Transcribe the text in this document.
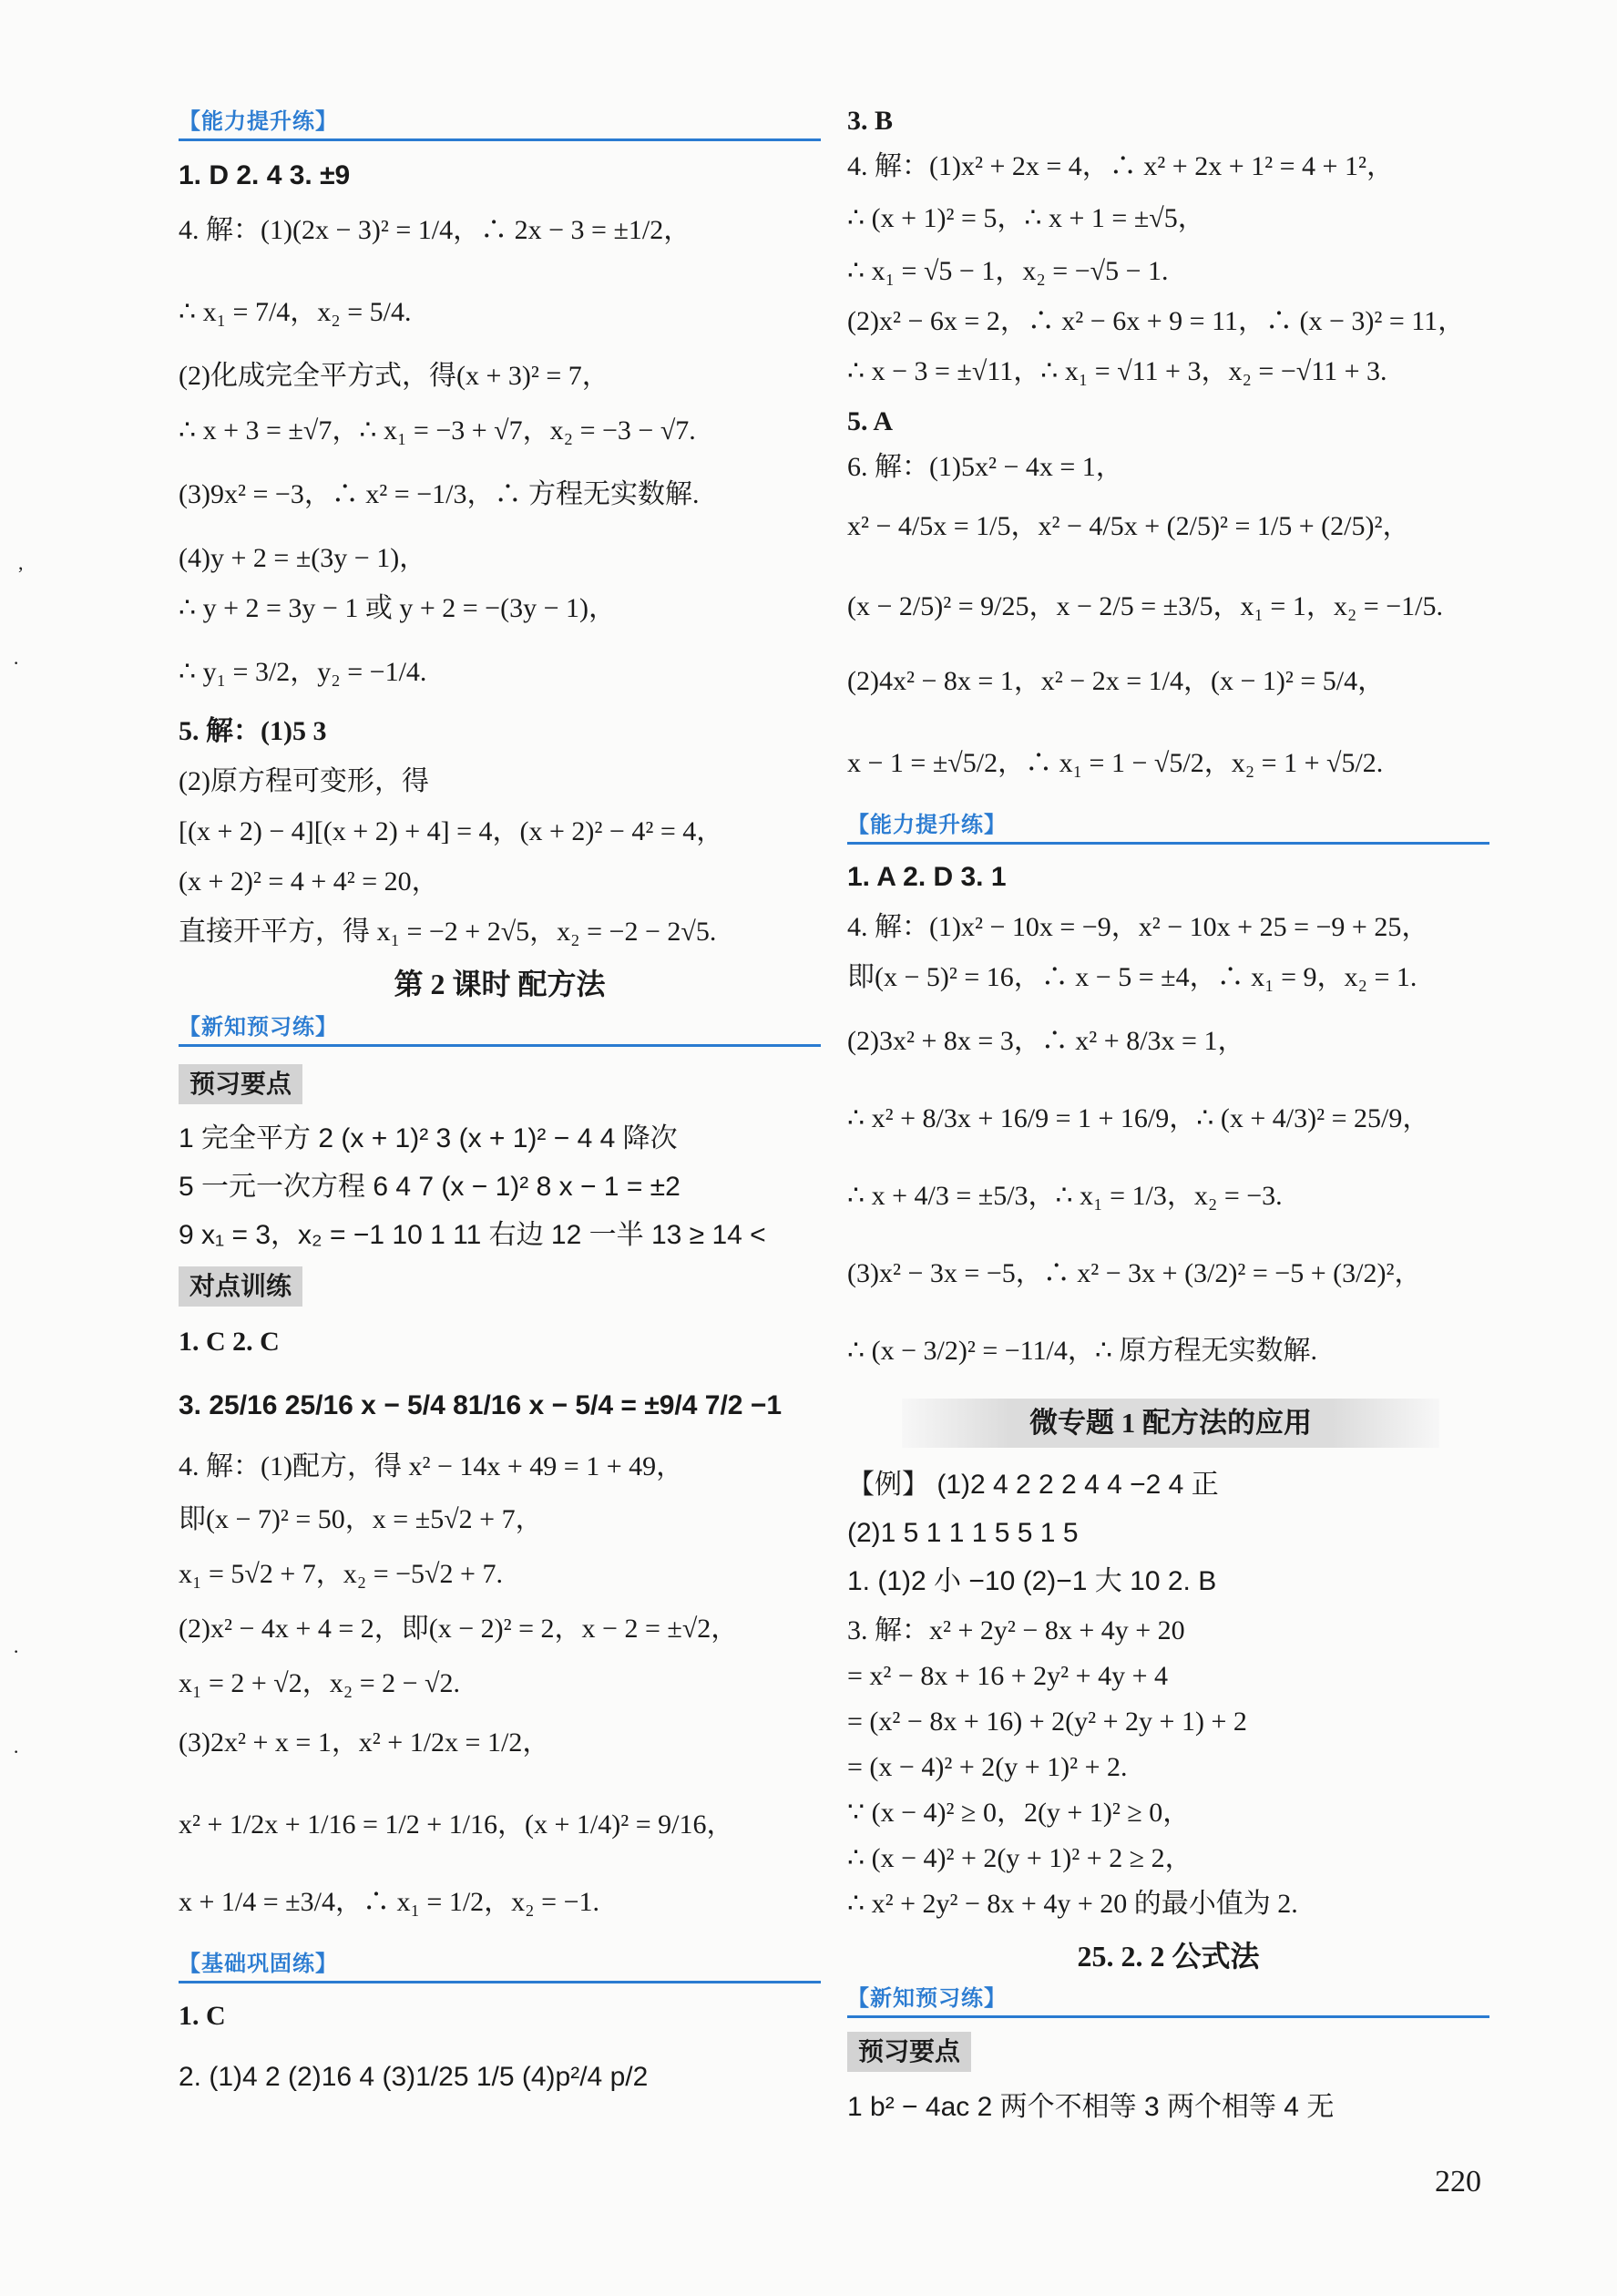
【能力提升练】
1. D 2. 4 3. ±9
4. 解：(1)(2x − 3)² = 1/4，∴ 2x − 3 = ±1/2，
∴ x₁ = 7/4，x₂ = 5/4.
(2)化成完全平方式，得(x + 3)² = 7，
∴ x + 3 = ±√7，∴ x₁ = −3 + √7，x₂ = −3 − √7.
(3)9x² = −3，∴ x² = −1/3，∴ 方程无实数解.
(4)y + 2 = ±(3y − 1)，
∴ y + 2 = 3y − 1 或 y + 2 = −(3y − 1)，
∴ y₁ = 3/2，y₂ = −1/4.
5. 解：(1)5 3
(2)原方程可变形，得
[(x + 2) − 4][(x + 2) + 4] = 4，(x + 2)² − 4² = 4，
(x + 2)² = 4 + 4² = 20，
直接开平方，得 x₁ = −2 + 2√5，x₂ = −2 − 2√5.
第 2 课时 配方法
【新知预习练】
预习要点
1 完全平方 2 (x + 1)² 3 (x + 1)² − 4 4 降次
5 一元一次方程 6 4 7 (x − 1)² 8 x − 1 = ±2
9 x₁ = 3，x₂ = −1 10 1 11 右边 12 一半 13 ≥ 14 <
对点训练
1. C 2. C
3. 25/16 25/16 x − 5/4 81/16 x − 5/4 = ±9/4 7/2 −1
4. 解：(1)配方，得 x² − 14x + 49 = 1 + 49，
即(x − 7)² = 50，x = ±5√2 + 7，
x₁ = 5√2 + 7，x₂ = −5√2 + 7.
(2)x² − 4x + 4 = 2，即(x − 2)² = 2，x − 2 = ±√2，
x₁ = 2 + √2，x₂ = 2 − √2.
(3)2x² + x = 1，x² + 1/2x = 1/2，
x² + 1/2x + 1/16 = 1/2 + 1/16，(x + 1/4)² = 9/16，
x + 1/4 = ±3/4，∴ x₁ = 1/2，x₂ = −1.
【基础巩固练】
1. C
2. (1)4 2 (2)16 4 (3)1/25 1/5 (4)p²/4 p/2
3. B
4. 解：(1)x² + 2x = 4，∴ x² + 2x + 1² = 4 + 1²，
∴ (x + 1)² = 5，∴ x + 1 = ±√5，
∴ x₁ = √5 − 1，x₂ = −√5 − 1.
(2)x² − 6x = 2，∴ x² − 6x + 9 = 11，∴ (x − 3)² = 11，
∴ x − 3 = ±√11，∴ x₁ = √11 + 3，x₂ = −√11 + 3.
5. A
6. 解：(1)5x² − 4x = 1，
x² − 4/5x = 1/5，x² − 4/5x + (2/5)² = 1/5 + (2/5)²，
(x − 2/5)² = 9/25，x − 2/5 = ±3/5，x₁ = 1，x₂ = −1/5.
(2)4x² − 8x = 1，x² − 2x = 1/4，(x − 1)² = 5/4，
x − 1 = ±√5/2，∴ x₁ = 1 − √5/2，x₂ = 1 + √5/2.
【能力提升练】
1. A 2. D 3. 1
4. 解：(1)x² − 10x = −9，x² − 10x + 25 = −9 + 25，
即(x − 5)² = 16，∴ x − 5 = ±4，∴ x₁ = 9，x₂ = 1.
(2)3x² + 8x = 3，∴ x² + 8/3x = 1，
∴ x² + 8/3x + 16/9 = 1 + 16/9，∴ (x + 4/3)² = 25/9，
∴ x + 4/3 = ±5/3，∴ x₁ = 1/3，x₂ = −3.
(3)x² − 3x = −5，∴ x² − 3x + (3/2)² = −5 + (3/2)²，
∴ (x − 3/2)² = −11/4，∴ 原方程无实数解.
微专题 1 配方法的应用
【例】 (1)2 4 2 2 2 4 4 −2 4 正
(2)1 5 1 1 1 5 5 1 5
1. (1)2 小 −10 (2)−1 大 10 2. B
3. 解：x² + 2y² − 8x + 4y + 20
= x² − 8x + 16 + 2y² + 4y + 4
= (x² − 8x + 16) + 2(y² + 2y + 1) + 2
= (x − 4)² + 2(y + 1)² + 2.
∵ (x − 4)² ≥ 0，2(y + 1)² ≥ 0，
∴ (x − 4)² + 2(y + 1)² + 2 ≥ 2，
∴ x² + 2y² − 8x + 4y + 20 的最小值为 2.
25. 2. 2 公式法
【新知预习练】
预习要点
1 b² − 4ac 2 两个不相等 3 两个相等 4 无
220
,
·
·
·
